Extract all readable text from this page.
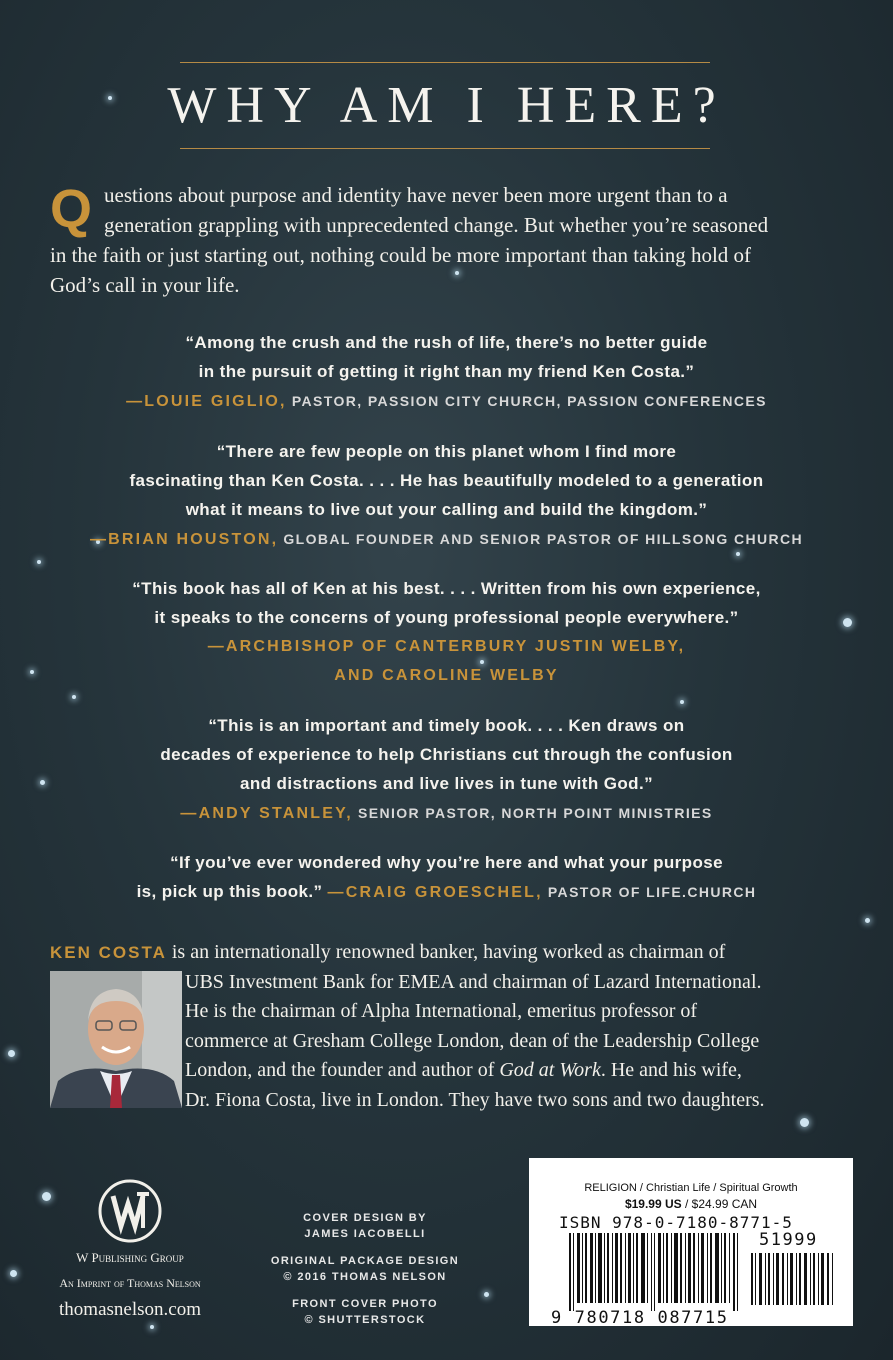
WHY AM I HERE?
Q uestions about purpose and identity have never been more urgent than to a
generation grappling with unprecedented change. But whether you’re seasoned
in the faith or just starting out, nothing could be more important than taking hold of
God’s call in your life.
“Among the crush and the rush of life, there’s no better guide
in the pursuit of getting it right than my friend Ken Costa.”
—LOUIE GIGLIO, PASTOR, PASSION CITY CHURCH, PASSION CONFERENCES
“There are few people on this planet whom I find more
fascinating than Ken Costa. . . . He has beautifully modeled to a generation
what it means to live out your calling and build the kingdom.”
—BRIAN HOUSTON, GLOBAL FOUNDER AND SENIOR PASTOR OF HILLSONG CHURCH
“This book has all of Ken at his best. . . . Written from his own experience,
it speaks to the concerns of young professional people everywhere.”
—ARCHBISHOP OF CANTERBURY JUSTIN WELBY,
AND CAROLINE WELBY
“This is an important and timely book. . . . Ken draws on
decades of experience to help Christians cut through the confusion
and distractions and live lives in tune with God.”
—ANDY STANLEY, SENIOR PASTOR, NORTH POINT MINISTRIES
“If you’ve ever wondered why you’re here and what your purpose
is, pick up this book.” —CRAIG GROESCHEL, PASTOR OF LIFE.CHURCH
KEN COSTA is an internationally renowned banker, having worked as chairman of
UBS Investment Bank for EMEA and chairman of Lazard International.
He is the chairman of Alpha International, emeritus professor of
commerce at Gresham College London, dean of the Leadership College
London, and the founder and author of God at Work. He and his wife,
Dr. Fiona Costa, live in London. They have two sons and two daughters.
W Publishing Group
An Imprint of Thomas Nelson
thomasnelson.com
COVER DESIGN BY
JAMES IACOBELLI
ORIGINAL PACKAGE DESIGN
© 2016 THOMAS NELSON
FRONT COVER PHOTO
© SHUTTERSTOCK
RELIGION / Christian Life / Spiritual Growth
$19.99 US / $24.99 CAN
ISBN 978-0-7180-8771-5
51999
9 780718 087715
